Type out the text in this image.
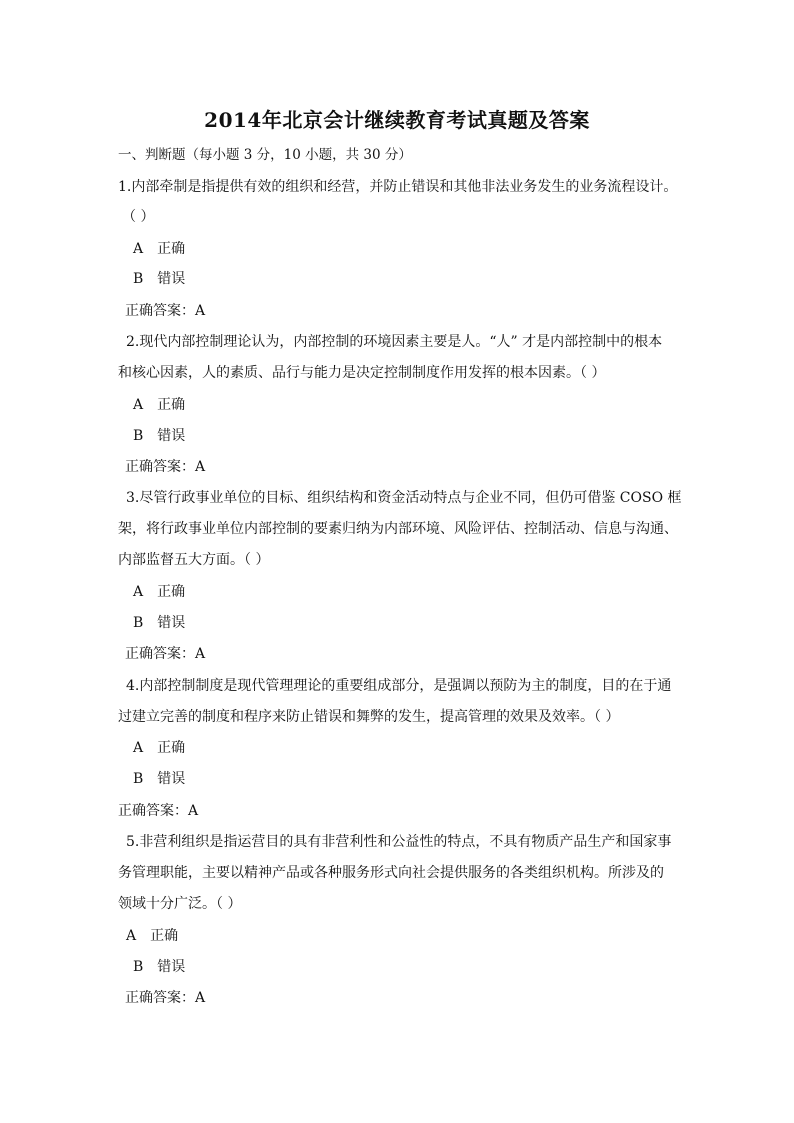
2014年北京会计继续教育考试真题及答案
一、判断题（每小题 3 分，10 小题，共 30 分）
1.内部牵制是指提供有效的组织和经营，并防止错误和其他非法业务发生的业务流程设计。
（ ）
A　正确
B　错误
正确答案：A
2.现代内部控制理论认为，内部控制的环境因素主要是人。“人” 才是内部控制中的根本
和核心因素，人的素质、品行与能力是决定控制制度作用发挥的根本因素。（ ）
A　正确
B　错误
正确答案：A
3.尽管行政事业单位的目标、组织结构和资金活动特点与企业不同，但仍可借鉴 COSO 框
架，将行政事业单位内部控制的要素归纳为内部环境、风险评估、控制活动、信息与沟通、
内部监督五大方面。（ ）
A　正确
B　错误
正确答案：A
4.内部控制制度是现代管理理论的重要组成部分，是强调以预防为主的制度，目的在于通
过建立完善的制度和程序来防止错误和舞弊的发生，提高管理的效果及效率。（ ）
A　正确
B　错误
正确答案：A
5.非营利组织是指运营目的具有非营利性和公益性的特点，不具有物质产品生产和国家事
务管理职能，主要以精神产品或各种服务形式向社会提供服务的各类组织机构。所涉及的
领域十分广泛。（ ）
A　正确
B　错误
正确答案：A
